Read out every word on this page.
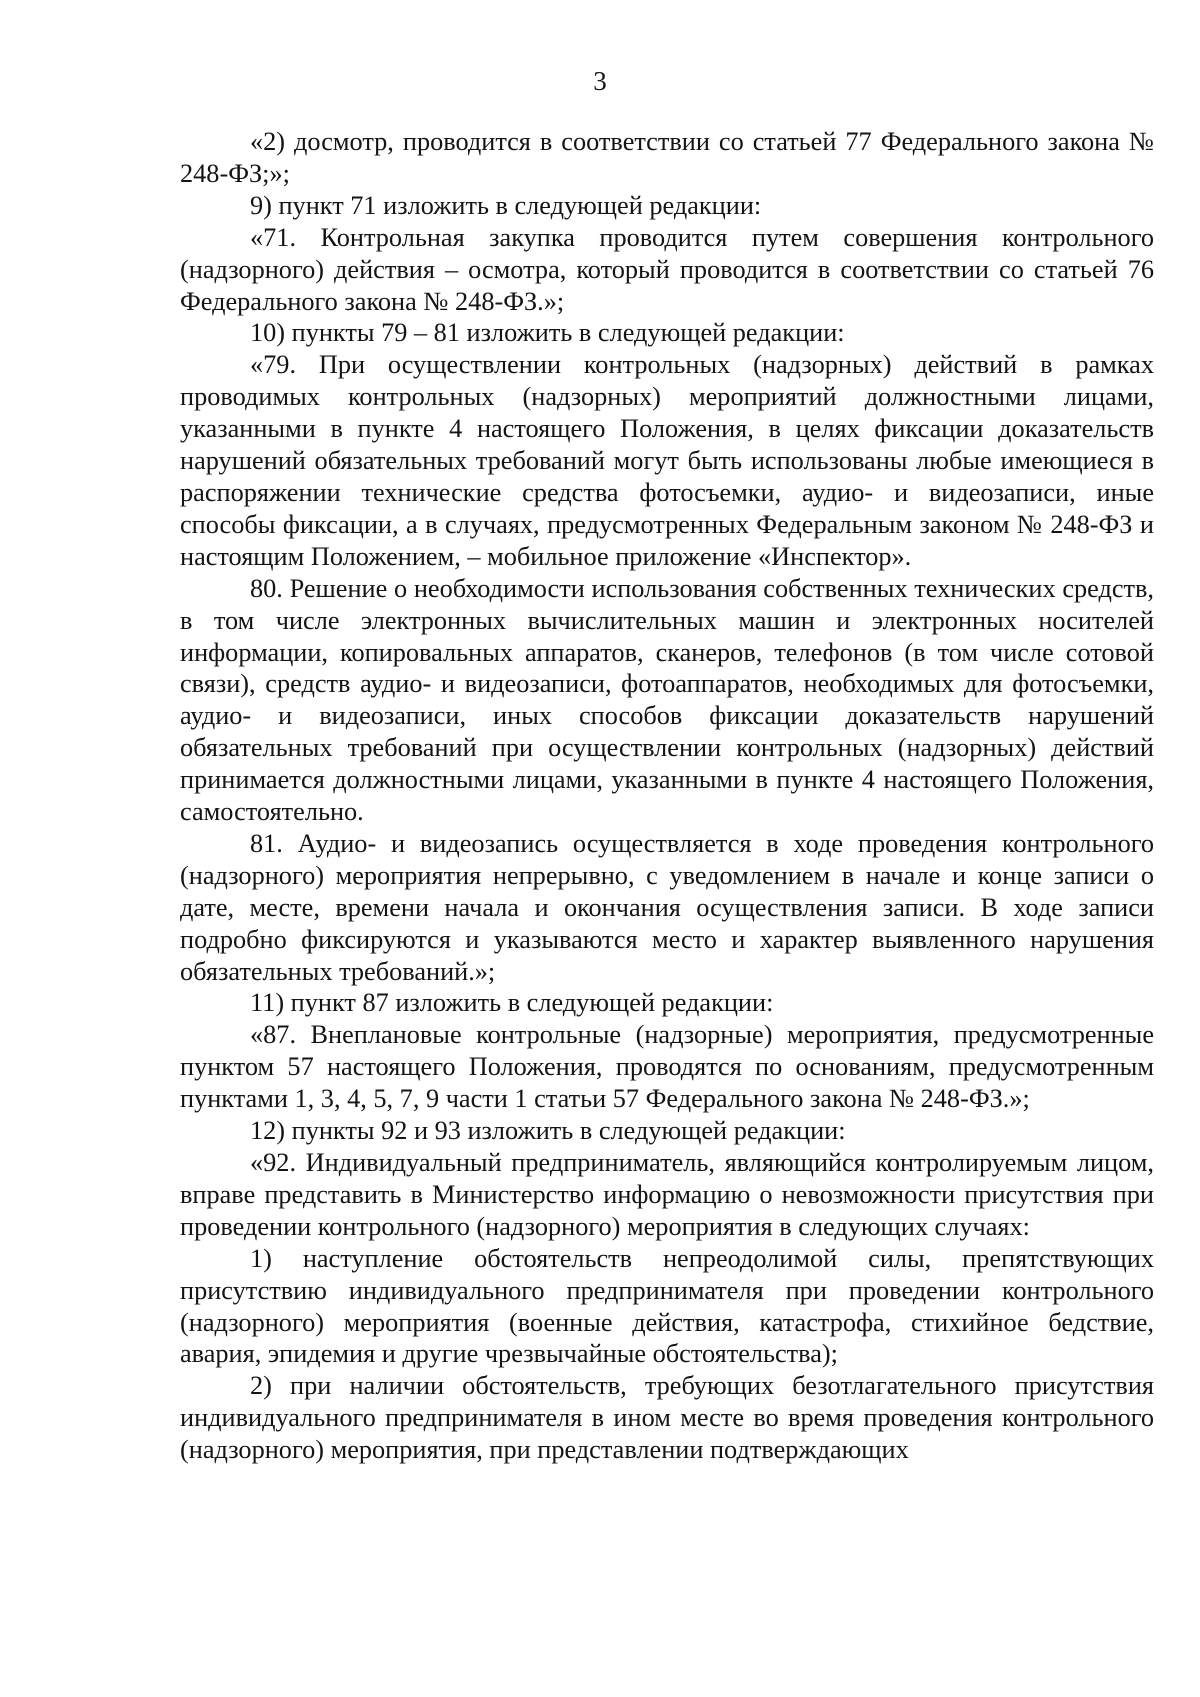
3

«2) досмотр, проводится в соответствии со статьей 77 Федерального закона № 248-ФЗ;»;

9) пункт 71 изложить в следующей редакции:

«71. Контрольная закупка проводится путем совершения контрольного (надзорного) действия – осмотра, который проводится в соответствии со статьей 76 Федерального закона № 248-ФЗ.»;

10) пункты 79 – 81 изложить в следующей редакции:

«79. При осуществлении контрольных (надзорных) действий в рамках проводимых контрольных (надзорных) мероприятий должностными лицами, указанными в пункте 4 настоящего Положения, в целях фиксации доказательств нарушений обязательных требований могут быть использованы любые имеющиеся в распоряжении технические средства фотосъемки, аудио- и видеозаписи, иные способы фиксации, а в случаях, предусмотренных Федеральным законом № 248-ФЗ и настоящим Положением, – мобильное приложение «Инспектор».

80. Решение о необходимости использования собственных технических средств, в том числе электронных вычислительных машин и электронных носителей информации, копировальных аппаратов, сканеров, телефонов (в том числе сотовой связи), средств аудио- и видеозаписи, фотоаппаратов, необходимых для фотосъемки, аудио- и видеозаписи, иных способов фиксации доказательств нарушений обязательных требований при осуществлении контрольных (надзорных) действий принимается должностными лицами, указанными в пункте 4 настоящего Положения, самостоятельно.

81. Аудио- и видеозапись осуществляется в ходе проведения контрольного (надзорного) мероприятия непрерывно, с уведомлением в начале и конце записи о дате, месте, времени начала и окончания осуществления записи. В ходе записи подробно фиксируются и указываются место и характер выявленного нарушения обязательных требований.»;

11) пункт 87 изложить в следующей редакции:

«87. Внеплановые контрольные (надзорные) мероприятия, предусмотренные пунктом 57 настоящего Положения, проводятся по основаниям, предусмотренным пунктами 1, 3, 4, 5, 7, 9 части 1 статьи 57 Федерального закона № 248-ФЗ.»;

12) пункты 92 и 93 изложить в следующей редакции:

«92. Индивидуальный предприниматель, являющийся контролируемым лицом, вправе представить в Министерство информацию о невозможности присутствия при проведении контрольного (надзорного) мероприятия в следующих случаях:

1) наступление обстоятельств непреодолимой силы, препятствующих присутствию индивидуального предпринимателя при проведении контрольного (надзорного) мероприятия (военные действия, катастрофа, стихийное бедствие, авария, эпидемия и другие чрезвычайные обстоятельства);

2) при наличии обстоятельств, требующих безотлагательного присутствия индивидуального предпринимателя в ином месте во время проведения контрольного (надзорного) мероприятия, при представлении подтверждающих
